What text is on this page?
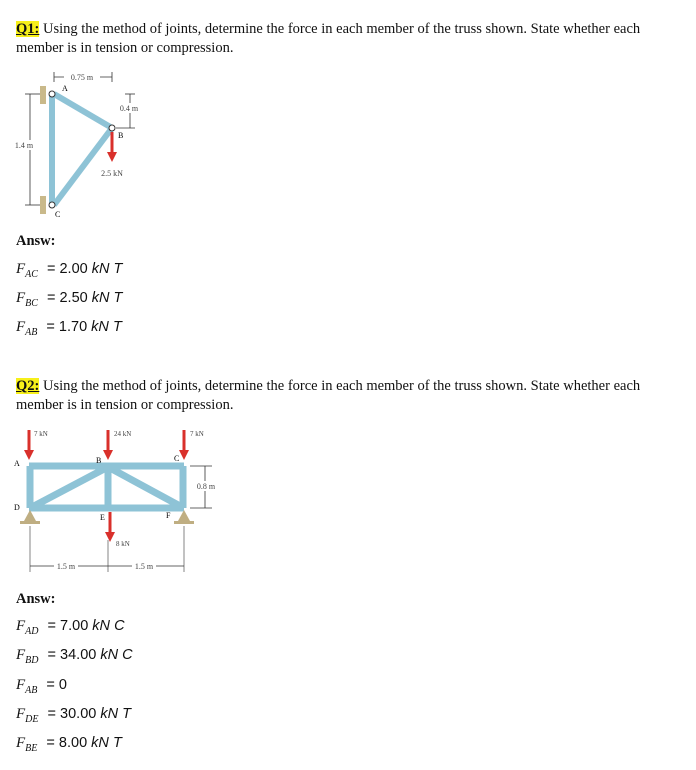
Q1: Using the method of joints, determine the force in each member of the truss shown. State whether each member is in tension or compression.
A
B
C
0.75 m
0.4 m
1.4 m
2.5 kN
Answ:
$F_{AC} = 2.00$ kN T
$F_{BC} = 2.50$ kN T
$F_{AB} = 1.70$ kN T
Q2: Using the method of joints, determine the force in each member of the truss shown. State whether each member is in tension or compression.
7 kN	24 kN	7 kN
A	B	C
D
E	F
8 kN
0.8 m
1.5 m	1.5 m
Answ:
$F_{AD} = 7.00$ kN C
$F_{BD} = 34.00$ kN C
$F_{AB} = 0$
$F_{DE} = 30.00$ kN T
$F_{BE} = 8.00$ kN T
